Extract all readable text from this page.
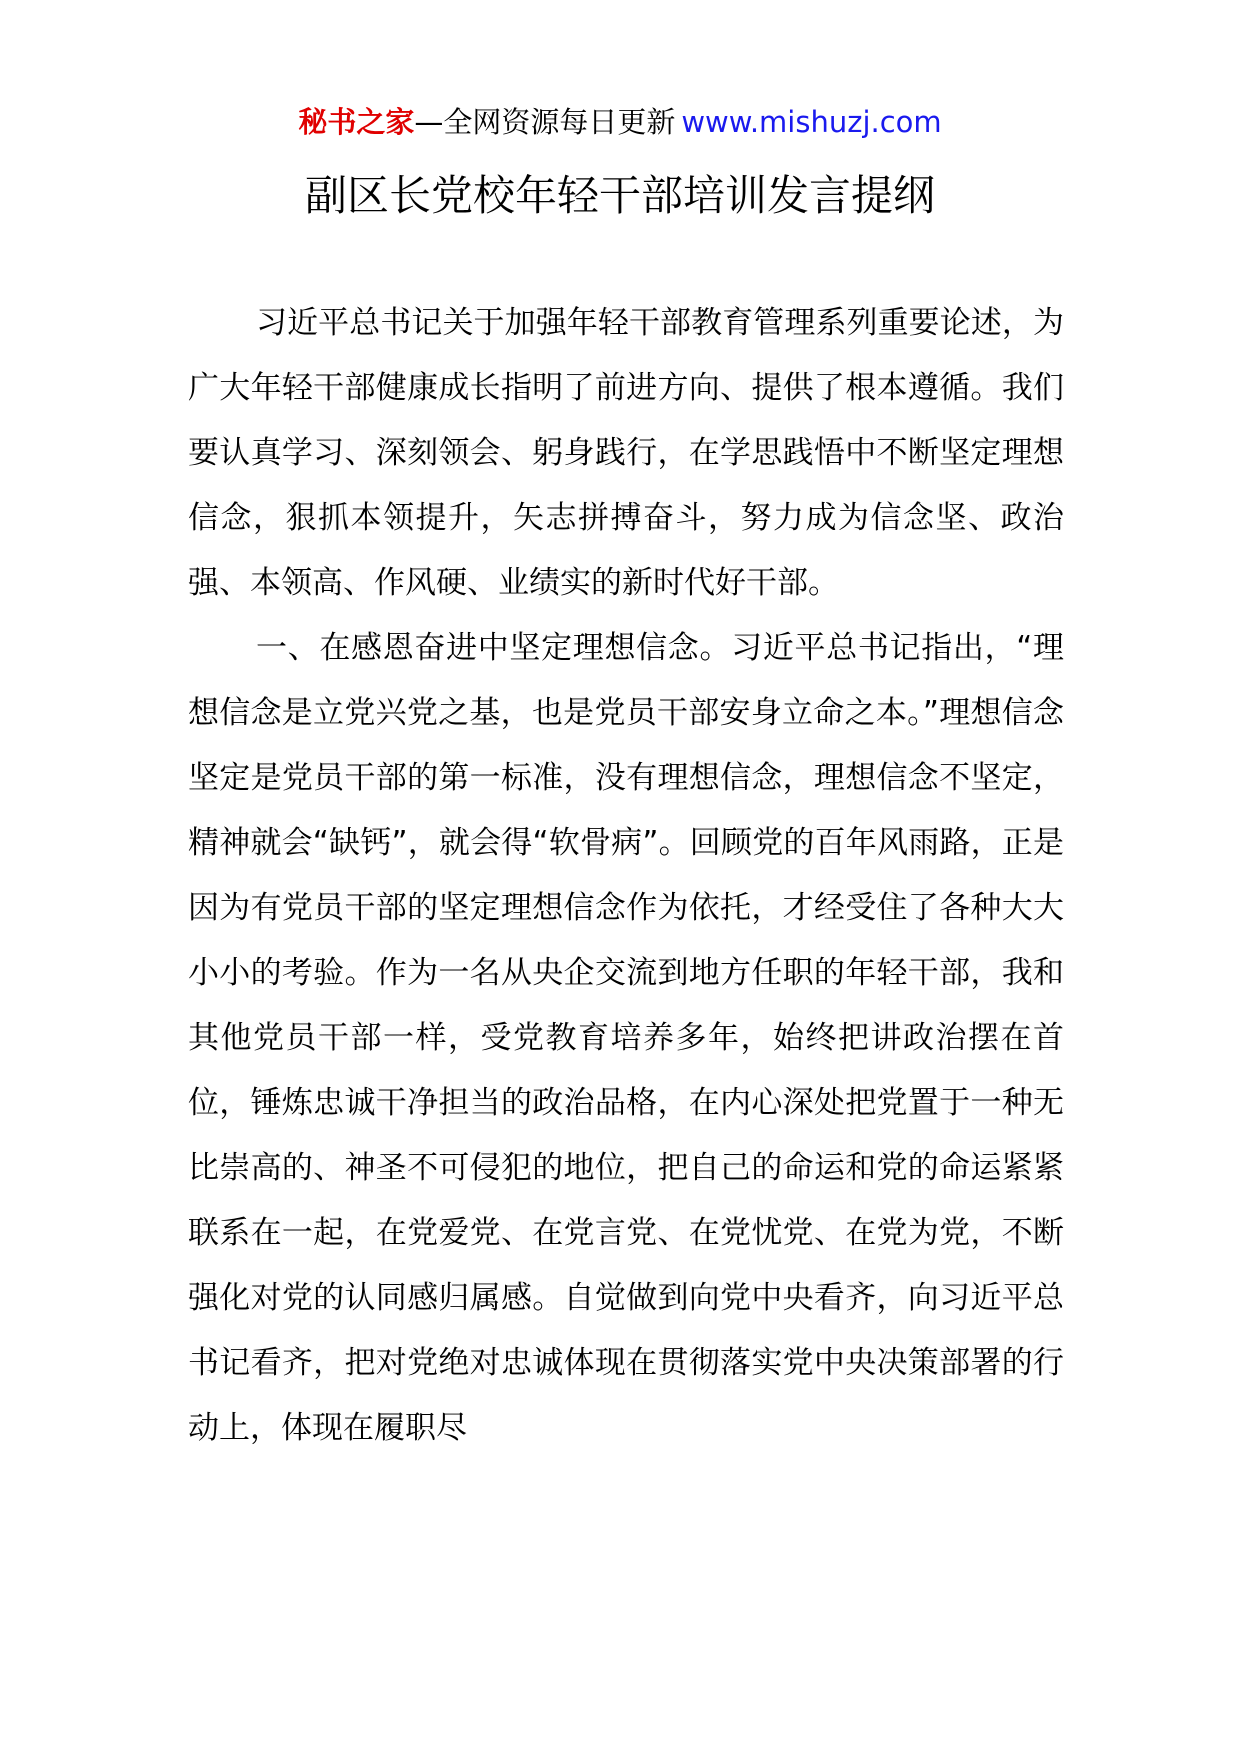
秘书之家—全网资源每日更新 www.mishuzj.com
副区长党校年轻干部培训发言提纲

习近平总书记关于加强年轻干部教育管理系列重要论述，为广大年轻干部健康成长指明了前进方向、提供了根本遵循。我们要认真学习、深刻领会、躬身践行，在学思践悟中不断坚定理想信念，狠抓本领提升，矢志拼搏奋斗，努力成为信念坚、政治强、本领高、作风硬、业绩实的新时代好干部。

一、在感恩奋进中坚定理想信念。习近平总书记指出，“理想信念是立党兴党之基，也是党员干部安身立命之本。”理想信念坚定是党员干部的第一标准，没有理想信念，理想信念不坚定，精神就会“缺钙”，就会得“软骨病”。回顾党的百年风雨路，正是因为有党员干部的坚定理想信念作为依托，才经受住了各种大大小小的考验。作为一名从央企交流到地方任职的年轻干部，我和其他党员干部一样，受党教育培养多年，始终把讲政治摆在首位，锤炼忠诚干净担当的政治品格，在内心深处把党置于一种无比崇高的、神圣不可侵犯的地位，把自己的命运和党的命运紧紧联系在一起，在党爱党、在党言党、在党忧党、在党为党，不断强化对党的认同感归属感。自觉做到向党中央看齐，向习近平总书记看齐，把对党绝对忠诚体现在贯彻落实党中央决策部署的行动上，体现在履职尽
